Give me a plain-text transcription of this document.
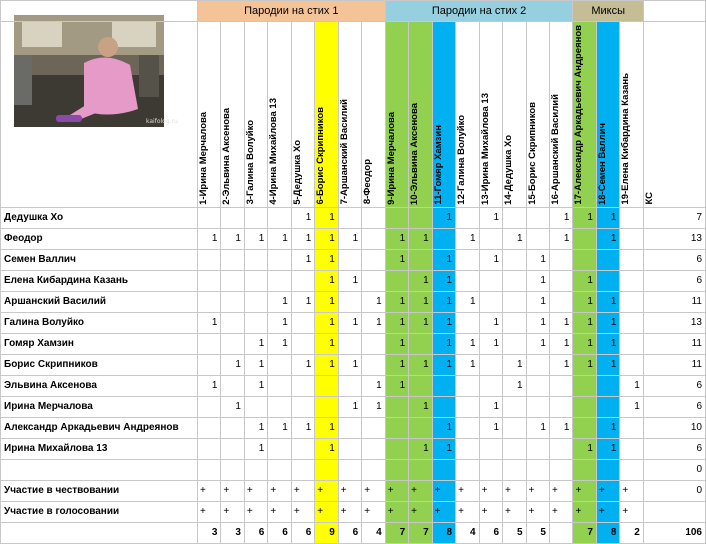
kaifolog.ru
	Пародии на стих 1								Пародии на стих 2								Миксы			

	1-Ирина Мерчалова	2-Эльвина Аксенова	3-Галина Волуйко	4-Ирина Михайлова 13	5-Дедушка Хо	6-Борис Скрипников	7-Аршанский Василий	8-Феодор	9-Ирина Мерчалова	10-Эльвина Аксенова	11-Гомяр Хамзин	12-Галина Волуйко	13-Ирина Михайлова 13	14-Дедушка Хо	15-Борис Скрипников	16-Аршанский Василий	17-Александр Аркадьевич Андреянов	18-Семен Валлич	19-Елена Кибардина Казань	КС

Дедушка Хо					1	1					1		1			1	1	1		7
Феодор	1	1	1	1	1	1	1		1	1		1		1		1		1		13
Семен Валлич					1	1			1		1		1		1					6
Елена Кибардина Казань						1	1			1	1				1		1			6
Аршанский Василий				1	1	1		1	1	1	1	1			1		1	1		11
Галина Волуйко	1			1		1	1	1	1	1	1		1		1	1	1	1		13
Гомяр Хамзин			1	1		1			1		1	1	1		1	1	1	1		11
Борис Скрипников		1	1		1	1	1		1	1	1	1		1		1	1	1		11
Эльвина Аксенова	1		1					1	1					1					1	6
Ирина Мерчалова		1					1	1		1			1						1	6
Александр Аркадьевич Андреянов			1	1	1	1					1		1		1	1		1		10
Ирина Михайлова 13			1			1				1	1						1	1		6
																				0
Участие в чествовании	+	+	+	+	+	+	+	+	+	+	+	+	+	+	+	+	+	+	+	0
Участие в голосовании	+	+	+	+	+	+	+	+	+	+	+	+	+	+	+	+	+	+	+	
	3	3	6	6	6	9	6	4	7	7	8	4	6	5	5		7	8	2	106
